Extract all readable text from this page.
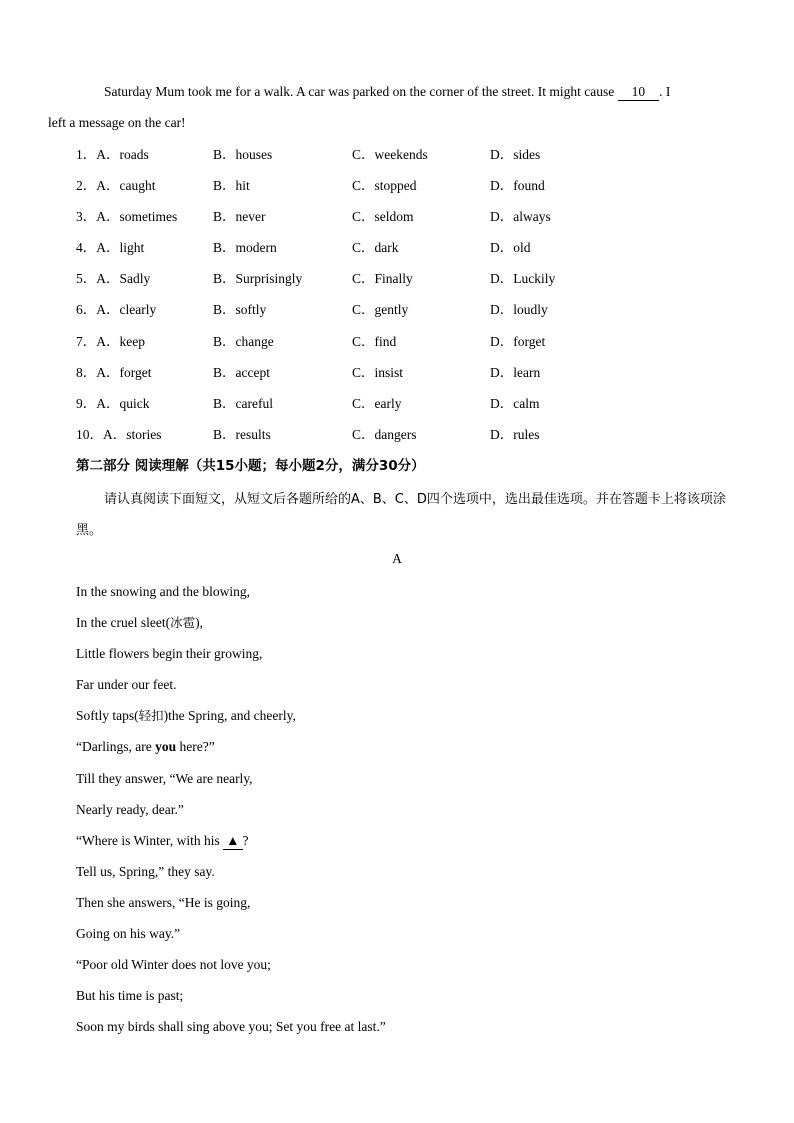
Saturday Mum took me for a walk. A car was parked on the corner of the street. It might cause 10 . I
left a message on the car!
1．A．roads	B．houses	C．weekends	D．sides
2．A．caught	B．hit	C．stopped	D．found
3．A．sometimes	B．never	C．seldom	D．always
4．A．light	B．modern	C．dark	D．old
5．A．Sadly	B．Surprisingly	C．Finally	D．Luckily
6．A．clearly	B．softly	C．gently	D．loudly
7．A．keep	B．change	C．find	D．forget
8．A．forget	B．accept	C．insist	D．learn
9．A．quick	B．careful	C．early	D．calm
10．A．stories	B．results	C．dangers	D．rules
第二部分 阅读理解（共15小题；每小题2分，满分30分）
请认真阅读下面短文，从短文后各题所给的A、B、C、D四个选项中，选出最佳选项。并在答题卡上将该项涂黑。
A
In the snowing and the blowing,
In the cruel sleet(冰雹),
Little flowers begin their growing,
Far under our feet.
Softly taps(轻扣)the Spring, and cheerly,
“Darlings, are you here?”
Till they answer, “We are nearly,
Nearly ready, dear.”
“Where is Winter, with his ▲ ?
Tell us, Spring,” they say.
Then she answers, “He is going,
Going on his way.”
“Poor old Winter does not love you;
But his time is past;
Soon my birds shall sing above you; Set you free at last.”
